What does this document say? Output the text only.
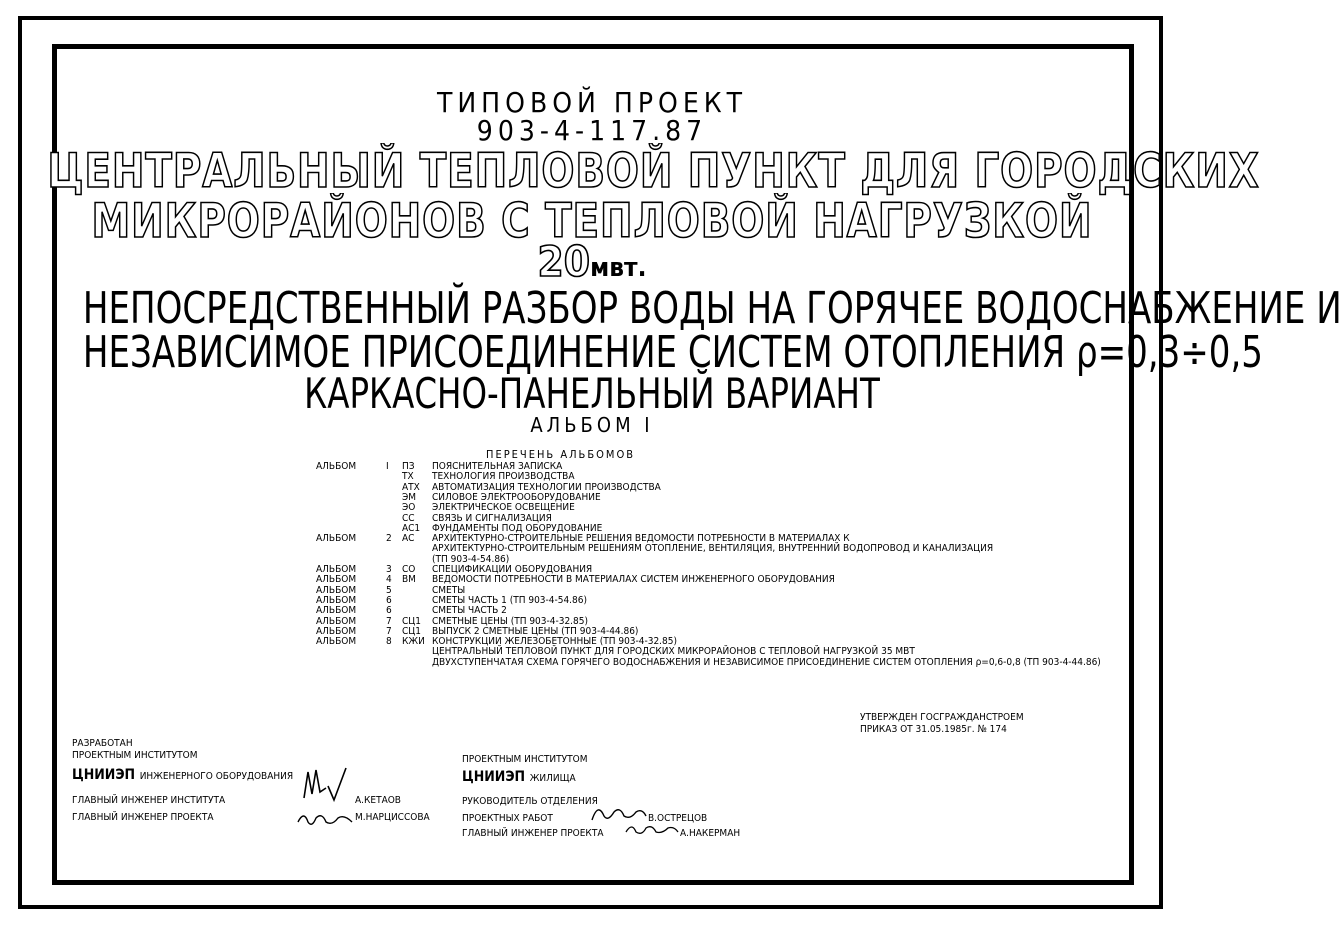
ТИПОВОЙ ПРОЕКТ
903-4-117.87
ЦЕНТРАЛЬНЫЙ ТЕПЛОВОЙ ПУНКТ ДЛЯ ГОРОДСКИХ
МИКРОРАЙОНОВ С ТЕПЛОВОЙ НАГРУЗКОЙ
20мвт.
НЕПОСРЕДСТВЕННЫЙ РАЗБОР ВОДЫ НА ГОРЯЧЕЕ ВОДОСНАБЖЕНИЕ И
НЕЗАВИСИМОЕ ПРИСОЕДИНЕНИЕ СИСТЕМ ОТОПЛЕНИЯ ρ=0,3÷0,5
КАРКАСНО-ПАНЕЛЬНЫЙ ВАРИАНТ
АЛЬБОМ I
ПЕРЕЧЕНЬ АЛЬБОМОВ
АЛЬБОМ	I ПЗ ПОЯСНИТЕЛЬНАЯ ЗАПИСКА
ТХ ТЕХНОЛОГИЯ ПРОИЗВОДСТВА
АТХ АВТОМАТИЗАЦИЯ ТЕХНОЛОГИИ ПРОИЗВОДСТВА
ЭМ СИЛОВОЕ ЭЛЕКТРООБОРУДОВАНИЕ
ЭО ЭЛЕКТРИЧЕСКОЕ ОСВЕЩЕНИЕ
СС СВЯЗЬ И СИГНАЛИЗАЦИЯ
АС1 ФУНДАМЕНТЫ ПОД ОБОРУДОВАНИЕ
АЛЬБОМ	2 АС АРХИТЕКТУРНО-СТРОИТЕЛЬНЫЕ РЕШЕНИЯ ВЕДОМОСТИ ПОТРЕБНОСТИ В МАТЕРИАЛАХ К
АРХИТЕКТУРНО-СТРОИТЕЛЬНЫМ РЕШЕНИЯМ ОТОПЛЕНИЕ, ВЕНТИЛЯЦИЯ, ВНУТРЕННИЙ ВОДОПРОВОД И КАНАЛИЗАЦИЯ
(ТП 903-4-54.86)
АЛЬБОМ	3 СО СПЕЦИФИКАЦИИ ОБОРУДОВАНИЯ
АЛЬБОМ	4 ВМ ВЕДОМОСТИ ПОТРЕБНОСТИ В МАТЕРИАЛАХ СИСТЕМ ИНЖЕНЕРНОГО ОБОРУДОВАНИЯ
АЛЬБОМ	5	СМЕТЫ
АЛЬБОМ	6	СМЕТЫ ЧАСТЬ 1 (ТП 903-4-54.86)
АЛЬБОМ	6	СМЕТЫ ЧАСТЬ 2
АЛЬБОМ	7 СЦ1 СМЕТНЫЕ ЦЕНЫ (ТП 903-4-32.85)
АЛЬБОМ	7 СЦ1 ВЫПУСК 2 СМЕТНЫЕ ЦЕНЫ (ТП 903-4-44.86)
АЛЬБОМ	8 КЖИ КОНСТРУКЦИИ ЖЕЛЕЗОБЕТОННЫЕ (ТП 903-4-32.85)
ЦЕНТРАЛЬНЫЙ ТЕПЛОВОЙ ПУНКТ ДЛЯ ГОРОДСКИХ МИКРОРАЙОНОВ С ТЕПЛОВОЙ НАГРУЗКОЙ 35 МВТ
ДВУХСТУПЕНЧАТАЯ СХЕМА ГОРЯЧЕГО ВОДОСНАБЖЕНИЯ И НЕЗАВИСИМОЕ ПРИСОЕДИНЕНИЕ СИСТЕМ ОТОПЛЕНИЯ ρ=0,6-0,8 (ТП 903-4-44.86)
УТВЕРЖДЕН ГОСГРАЖДАНСТРОЕМ
ПРИКАЗ ОТ 31.05.1985г. № 174
РАЗРАБОТАН
ПРОЕКТНЫМ ИНСТИТУТОМ
ЦНИИЭП ИНЖЕНЕРНОГО ОБОРУДОВАНИЯ
ГЛАВНЫЙ ИНЖЕНЕР ИНСТИТУТА	А.КЕТАОВ
ГЛАВНЫЙ ИНЖЕНЕР ПРОЕКТА	М.НАРЦИССОВА
ПРОЕКТНЫМ ИНСТИТУТОМ
ЦНИИЭП ЖИЛИЩА
РУКОВОДИТЕЛЬ ОТДЕЛЕНИЯ
ПРОЕКТНЫХ РАБОТ	В.ОСТРЕЦОВ
ГЛАВНЫЙ ИНЖЕНЕР ПРОЕКТА	А.НАКЕРМАН
